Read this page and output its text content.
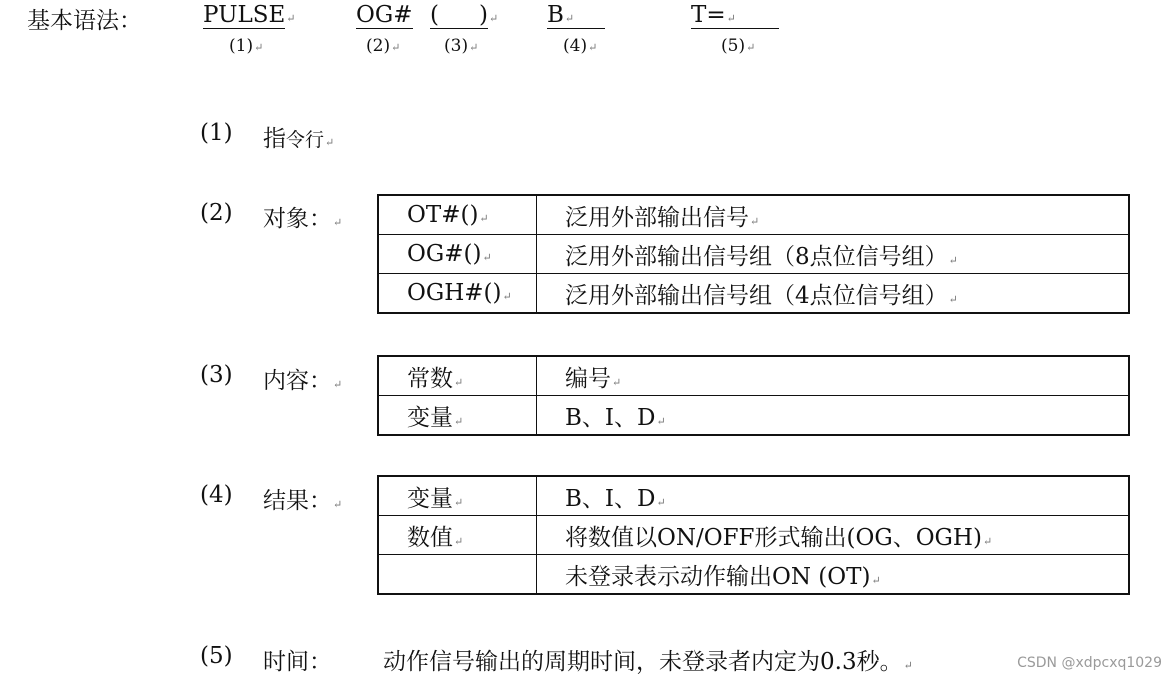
基本语法：	PULSE↵	OG# ( )↵ B↵	T=↵
(1)↵	(2)↵	(3)↵	(4)↵	(5)↵
(1) 指令行↵
(2) 对象：↵	OT#()↵	泛用外部输出信号↵
OG#()↵	泛用外部输出信号组（8点位信号组）↵
OGH#()↵	泛用外部输出信号组（4点位信号组）↵
(3) 内容：↵	常数↵	编号↵
变量↵	B、I、D↵
(4) 结果：↵	变量↵	B、I、D↵
数值↵	将数值以ON/OFF形式输出(OG、OGH)↵
	未登录表示动作输出ON (OT)↵
(5) 时间： 动作信号输出的周期时间，未登录者内定为0.3秒。↵	CSDN @xdpcxq1029
